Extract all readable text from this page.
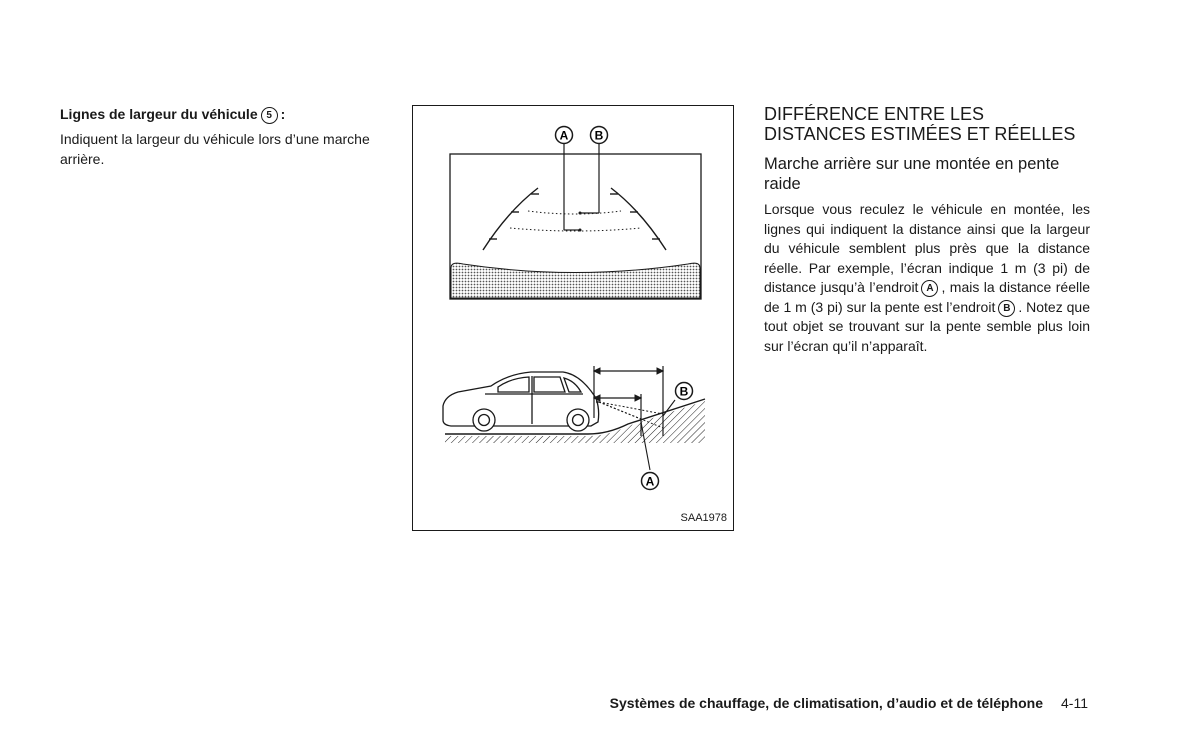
Lignes de largeur du véhicule 5 :

Indiquent la largeur du véhicule lors d’une marche arrière.

A B
A
B
SAA1978
DIFFÉRENCE ENTRE LES DISTANCES ESTIMÉES ET RÉELLES
Marche arrière sur une montée en pente raide

Lorsque vous reculez le véhicule en montée, les lignes qui indiquent la distance ainsi que la largeur du véhicule semblent plus près que la distance réelle. Par exemple, l’écran indique 1 m (3 pi) de distance jusqu’à l’endroit A , mais la distance réelle de 1 m (3 pi) sur la pente est l’endroit B . Notez que tout objet se trouvant sur la pente semble plus loin sur l’écran qu’il n’apparaît.

Systèmes de chauffage, de climatisation, d’audio et de téléphone 4-11
